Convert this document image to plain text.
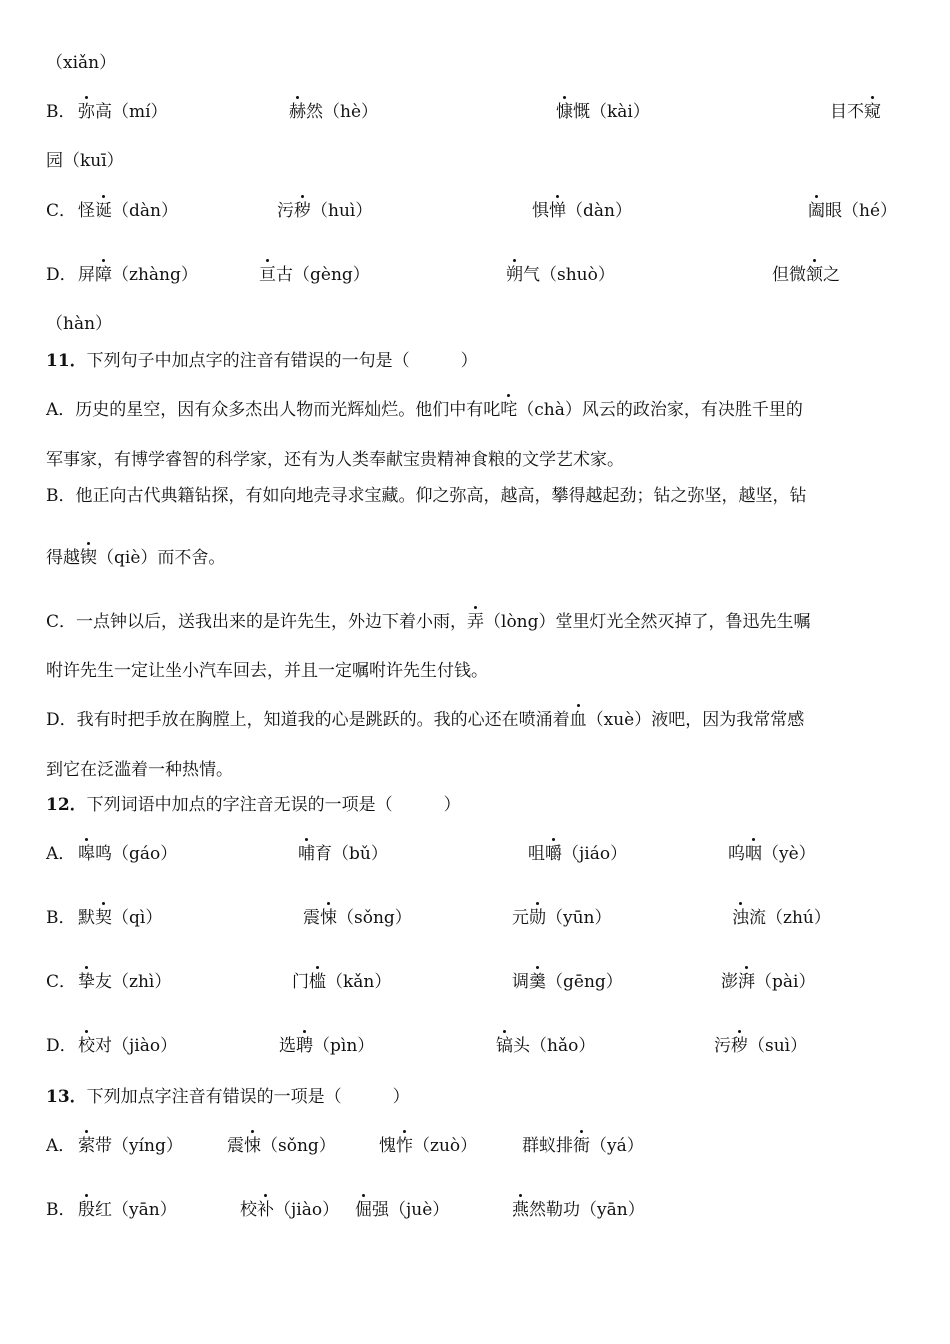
（xiǎn）
B． 弥高（mí）	赫然（hè）	慷慨（kài）	目不窥
园（kuī）
C． 怪诞（dàn）	污秽（huì）	惧惮（dàn）	阖眼（hé）
D． 屏障（zhàng）	亘古（gèng）	朔气（shuò）	但微颔之
（hàn）
11．下列句子中加点字的注音有错误的一句是（　　　）
A．历史的星空，因有众多杰出人物而光辉灿烂。他们中有叱咤（chà）风云的政治家，有决胜千里的
军事家，有博学睿智的科学家，还有为人类奉献宝贵精神食粮的文学艺术家。
B．他正向古代典籍钻探，有如向地壳寻求宝藏。仰之弥高，越高，攀得越起劲；钻之弥坚，越坚，钻
得越锲（qiè）而不舍。
C．一点钟以后，送我出来的是许先生，外边下着小雨，弄（lòng）堂里灯光全然灭掉了，鲁迅先生嘱
咐许先生一定让坐小汽车回去，并且一定嘱咐许先生付钱。
D．我有时把手放在胸膛上，知道我的心是跳跃的。我的心还在喷涌着血（xuè）液吧，因为我常常感
到它在泛滥着一种热情。
12．下列词语中加点的字注音无误的一项是（　　　）
A． 嗥鸣（gáo）	哺育（bǔ）	咀嚼（jiáo）	呜咽（yè）
B． 默契（qì）	震悚（sǒng）	元勋（yūn）	浊流（zhú）
C． 挚友（zhì）	门槛（kǎn）	调羹（gēng）	澎湃（pài）
D． 校对（jiào）	选聘（pìn）	镐头（hǎo）	污秽（suì）
13．下列加点字注音有错误的一项是（　　　）
A． 萦带（yíng）	震悚（sǒng）	愧怍（zuò）	群蚁排衙（yá）
B． 殷红（yān）	校补（jiào） 倔强（juè）	燕然勒功（yān）
